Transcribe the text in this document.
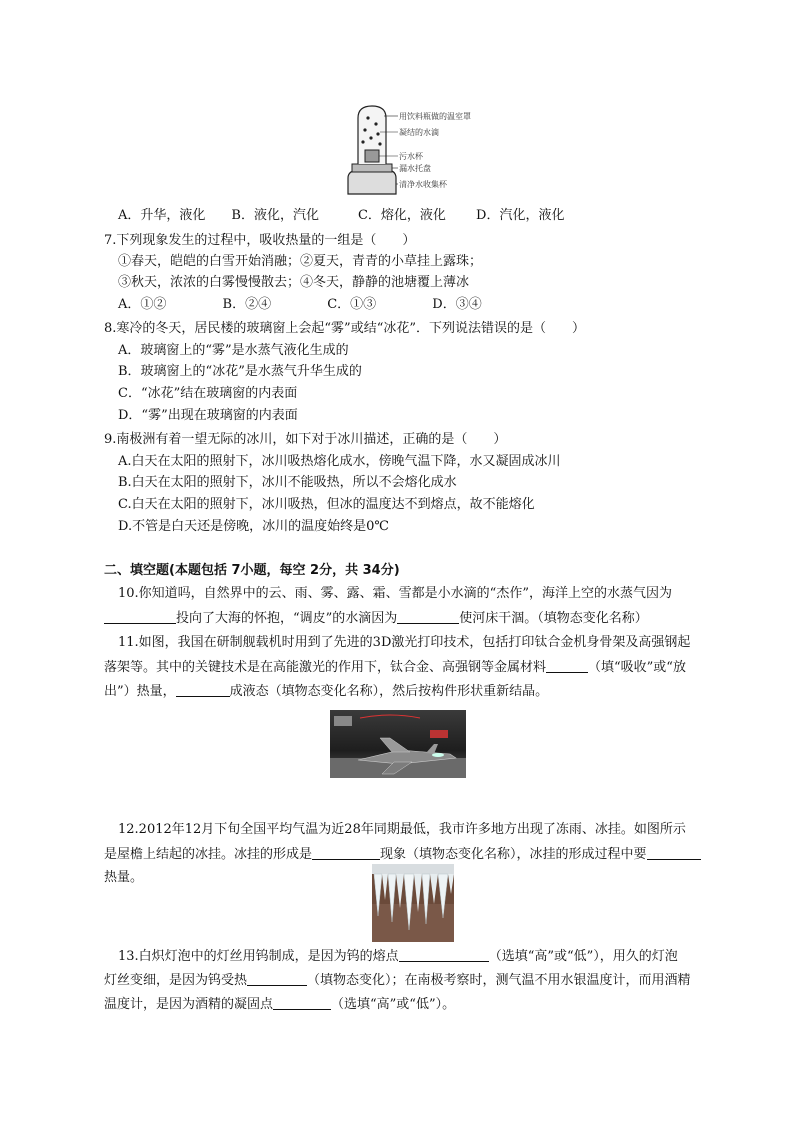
用饮料瓶做的温室罩
凝结的水滴
污水杯
漏水托盘
清净水收集杯
A．升华，液化　　B．液化，汽化　　　C．熔化，液化　　 D．汽化，液化
7.下列现象发生的过程中，吸收热量的一组是（　　）
①春天，皑皑的白雪开始消融；②夏天，青青的小草挂上露珠；
③秋天，浓浓的白雾慢慢散去；④冬天，静静的池塘覆上薄冰
A．①②　　　　 B．②④　　　　 C．①③　　　　 D．③④
8.寒冷的冬天，居民楼的玻璃窗上会起“雾”或结“冰花”．下列说法错误的是（　　）
A．玻璃窗上的“雾”是水蒸气液化生成的
B．玻璃窗上的“冰花”是水蒸气升华生成的
C．“冰花”结在玻璃窗的内表面
D．“雾”出现在玻璃窗的内表面
9.南极洲有着一望无际的冰川，如下对于冰川描述，正确的是（　　）
A.白天在太阳的照射下，冰川吸热熔化成水，傍晚气温下降，水又凝固成冰川
B.白天在太阳的照射下，冰川不能吸热，所以不会熔化成水
C.白天在太阳的照射下，冰川吸热，但冰的温度达不到熔点，故不能熔化
D.不管是白天还是傍晚，冰川的温度始终是0℃
二、填空题(本题包括 7小题，每空 2分，共 34分)
10.你知道吗，自然界中的云、雨、雾、露、霜、雪都是小水滴的“杰作”，海洋上空的水蒸气因为
投向了大海的怀抱，“调皮”的水滴因为	使河床干涸。（填物态变化名称）
11.如图，我国在研制舰载机时用到了先进的3D激光打印技术，包括打印钛合金机身骨架及高强钢起
落架等。其中的关键技术是在高能激光的作用下，钛合金、高强钢等金属材料	（填“吸收”或“放
出”）热量，	成液态（填物态变化名称），然后按构件形状重新结晶。
12.2012年12月下旬全国平均气温为近28年同期最低，我市许多地方出现了冻雨、冰挂。如图所示
是屋檐上结起的冰挂。冰挂的形成是	现象（填物态变化名称），冰挂的形成过程中要
热量。
13.白炽灯泡中的灯丝用钨制成，是因为钨的熔点	（选填“高”或“低”），用久的灯泡
灯丝变细，是因为钨受热	（填物态变化）；在南极考察时，测气温不用水银温度计，而用酒精
温度计，是因为酒精的凝固点	（选填“高”或“低”）。
